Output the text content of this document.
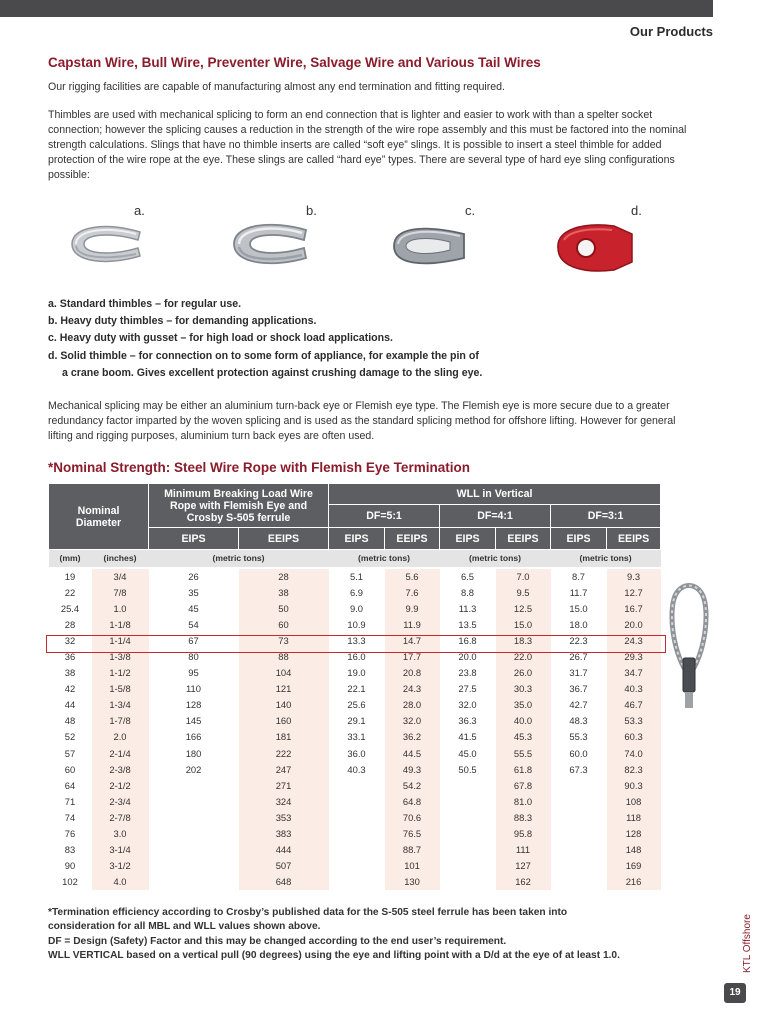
Our Products
Capstan Wire, Bull Wire, Preventer Wire, Salvage Wire and Various Tail Wires

Our rigging facilities are capable of manufacturing almost any end termination and fitting required.

Thimbles are used with mechanical splicing to form an end connection that is lighter and easier to work with than a spelter socket connection; however the splicing causes a reduction in the strength of the wire rope assembly and this must be factored into the nominal strength calculations. Slings that have no thimble inserts are called “soft eye” slings. It is possible to insert a steel thimble for added protection of the wire rope at the eye. These slings are called “hard eye” types. There are several type of hard eye sling configurations possible:

a.	b.	c.	d.
a. Standard thimbles – for regular use.
b. Heavy duty thimbles – for demanding applications.
c. Heavy duty with gusset – for high load or shock load applications.
d. Solid thimble – for connection on to some form of appliance, for example the pin of
a crane boom. Gives excellent protection against crushing damage to the sling eye.

Mechanical splicing may be either an aluminium turn-back eye or Flemish eye type. The Flemish eye is more secure due to a greater redundancy factor imparted by the woven splicing and is used as the standard splicing method for offshore lifting. However for general lifting and rigging purposes, aluminium turn back eyes are often used.

*Nominal Strength: Steel Wire Rope with Flemish Eye Termination
Nominal Diameter		Minimum Breaking Load Wire Rope with Flemish Eye and Crosby S-505 ferrule		WLL in Vertical					
				DF=5:1		DF=4:1		DF=3:1	
		EIPS	EEIPS	EIPS	EEIPS	EIPS	EEIPS	EIPS	EEIPS
(mm)	(inches)	(metric tons)		(metric tons)		(metric tons)		(metric tons)	
19	3/4	26	28	5.1	5.6	6.5	7.0	8.7	9.3
22	7/8	35	38	6.9	7.6	8.8	9.5	11.7	12.7
25.4	1.0	45	50	9.0	9.9	11.3	12.5	15.0	16.7
28	1-1/8	54	60	10.9	11.9	13.5	15.0	18.0	20.0
32	1-1/4	67	73	13.3	14.7	16.8	18.3	22.3	24.3
36	1-3/8	80	88	16.0	17.7	20.0	22.0	26.7	29.3
38	1-1/2	95	104	19.0	20.8	23.8	26.0	31.7	34.7
42	1-5/8	110	121	22.1	24.3	27.5	30.3	36.7	40.3
44	1-3/4	128	140	25.6	28.0	32.0	35.0	42.7	46.7
48	1-7/8	145	160	29.1	32.0	36.3	40.0	48.3	53.3
52	2.0	166	181	33.1	36.2	41.5	45.3	55.3	60.3
57	2-1/4	180	222	36.0	44.5	45.0	55.5	60.0	74.0
60	2-3/8	202	247	40.3	49.3	50.5	61.8	67.3	82.3
64	2-1/2		271		54.2		67.8		90.3
71	2-3/4		324		64.8		81.0		108
74	2-7/8		353		70.6		88.3		118
76	3.0		383		76.5		95.8		128
83	3-1/4		444		88.7		111		148
90	3-1/2		507		101		127		169
102	4.0		648		130		162		216
*Termination efficiency according to Crosby’s published data for the S-505 steel ferrule has been taken into
consideration for all MBL and WLL values shown above.
DF = Design (Safety) Factor and this may be changed according to the end user’s requirement.
WLL VERTICAL based on a vertical pull (90 degrees) using the eye and lifting point with a D/d at the eye of at least 1.0.	KTL Offshore
19
